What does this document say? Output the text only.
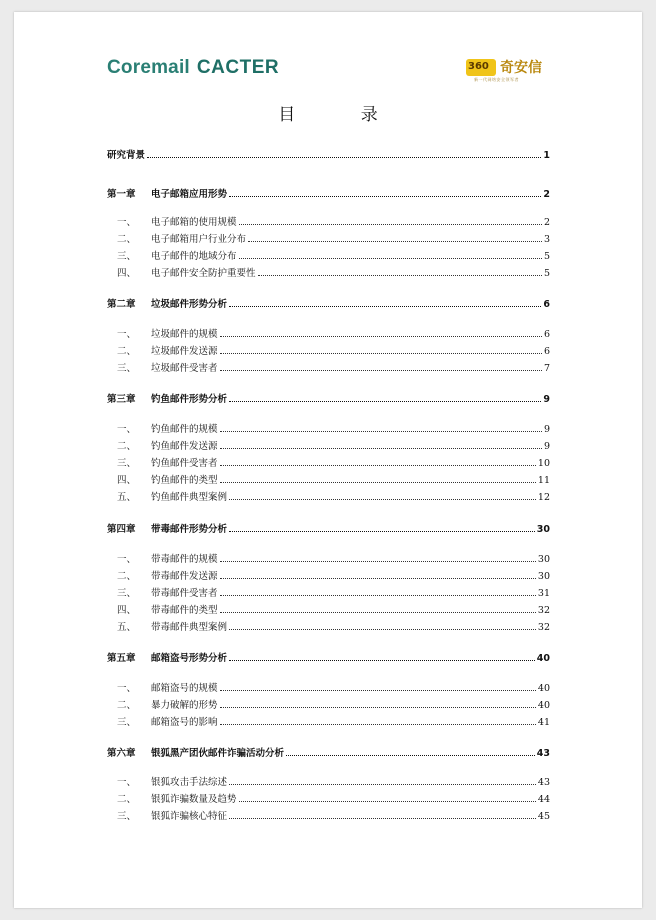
Coremail CACTER	360 奇安信
新一代网络安全领军者
目 录
研究背景	1
第一章	电子邮箱应用形势	2
一、	电子邮箱的使用规模	2
二、	电子邮箱用户行业分布	3
三、	电子邮件的地域分布	5
四、	电子邮件安全防护重要性	5
第二章	垃圾邮件形势分析	6
一、	垃圾邮件的规模	6
二、	垃圾邮件发送源	6
三、	垃圾邮件受害者	7
第三章	钓鱼邮件形势分析	9
一、	钓鱼邮件的规模	9
二、	钓鱼邮件发送源	9
三、	钓鱼邮件受害者	10
四、	钓鱼邮件的类型	11
五、	钓鱼邮件典型案例	12
第四章	带毒邮件形势分析	30
一、	带毒邮件的规模	30
二、	带毒邮件发送源	30
三、	带毒邮件受害者	31
四、	带毒邮件的类型	32
五、	带毒邮件典型案例	32
第五章	邮箱盗号形势分析	40
一、	邮箱盗号的规模	40
二、	暴力破解的形势	40
三、	邮箱盗号的影响	41
第六章	银狐黑产团伙邮件诈骗活动分析	43
一、	银狐攻击手法综述	43
二、	银狐诈骗数量及趋势	44
三、	银狐诈骗核心特征	45
